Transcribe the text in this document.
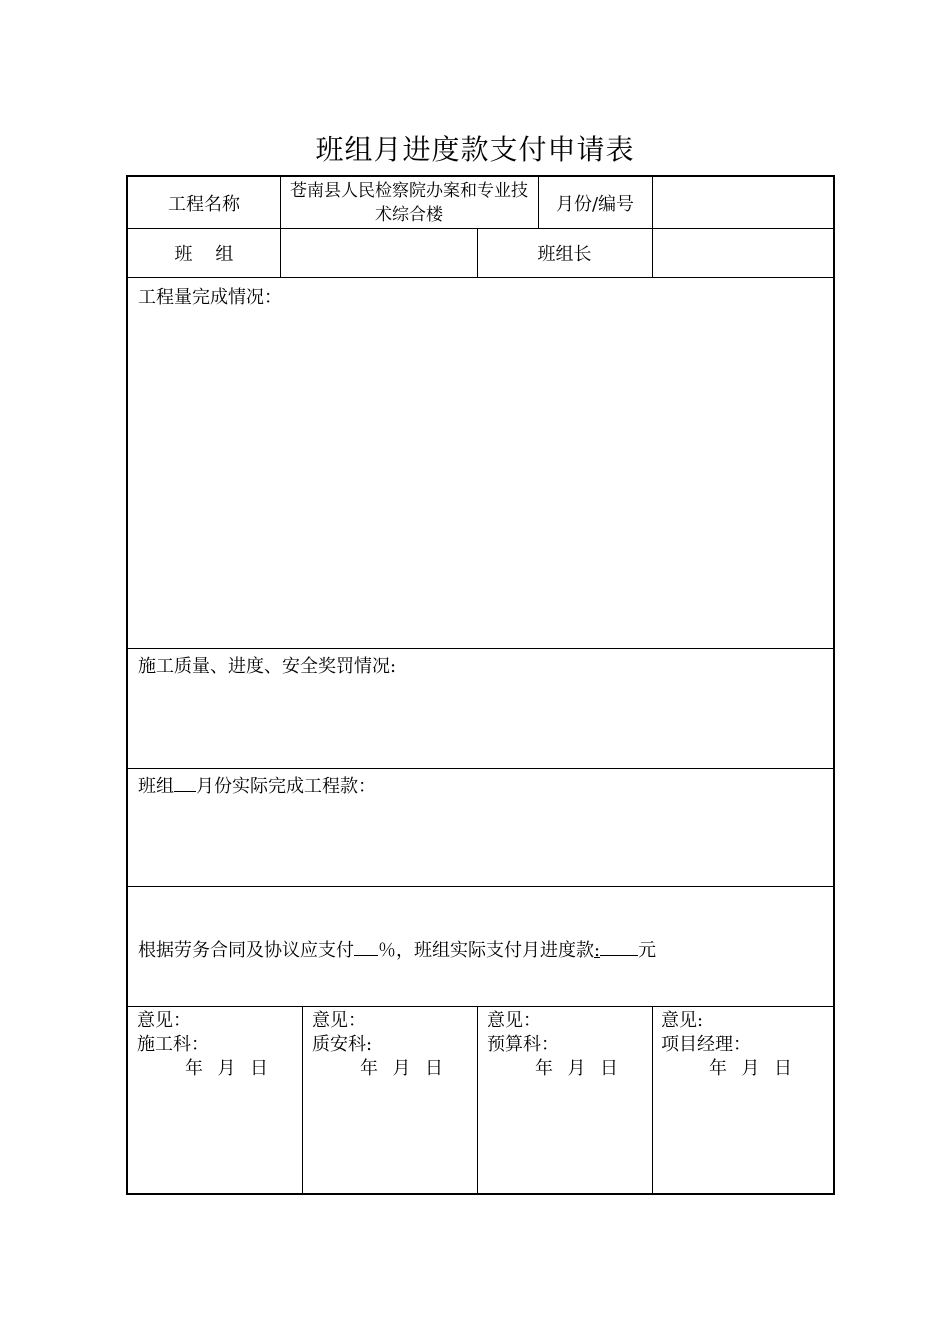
班组月进度款支付申请表
工程名称
苍南县人民检察院办案和专业技术综合楼	月份/编号
班    组	班组长
工程量完成情况：
施工质量、进度、安全奖罚情况:
班组 月份实际完成工程款：
根据劳务合同及协议应支付 ％，班组实际支付月进度款: 元
意见：
施工科：
年 月 日
意见：
质安科:
年 月 日
意见：
预算科：
年 月 日
意见:
项目经理：
年 月 日
